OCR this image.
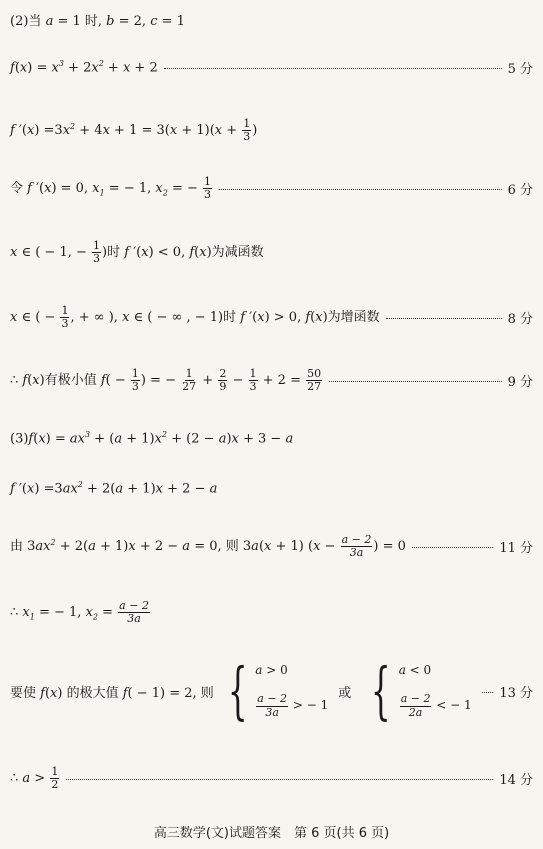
(2)当 a = 1 时, b = 2, c = 1
$f(x) = x^3 + 2x^2 + x + 2$	5 分
f $'(x) =3x^2 + 4x + 1 = 3(x + 1)(x + \frac{1}{3}$ )
令 f ′(x) = 0, $x_1$ = − 1, $x_2$ = − $\frac{1}{3}$	6 分
x ∈ ( − 1, − $\frac{1}{3}$ )时 f ′(x) < 0, f(x)为减函数
x ∈ ( − $\frac{1}{3}$ , + ∞ ), x ∈ ( − ∞ , − 1)时 f ′(x) > 0, f(x)为增函数	8 分
∴ f(x)有极小值 $f( - \frac{1}{3}$ ) = − $\frac{1}{27} + \frac{2}{9} - \frac{1}{3} + 2 = \frac{50}{27}$	9 分
$(3)f(x) = ax^3 + (a + 1)x^2 + (2 - a)x + 3 - a$
f $'(x) =3ax^2 + 2(a + 1)x + 2 - a$
由 $3ax^2 + 2(a + 1)x + 2 - a = 0$, 则 3a(x + 1) ($x - \frac{a - 2}{3a}$ ) = 0	11 分
∴ $x_1$ = − 1, $x_2 = \frac{a - 2}{3a}$
要使 f(x) 的极大值 f( − 1) = 2, 则 { a > 0
$\frac{a - 2}{3a}$ > − 1
或 { a < 0
$\frac{a - 2}{2a}$ < − 1
13 分
∴ $a > \frac{1}{2}$	14 分
高三数学(文)试题答案　第 6 页(共 6 页)
